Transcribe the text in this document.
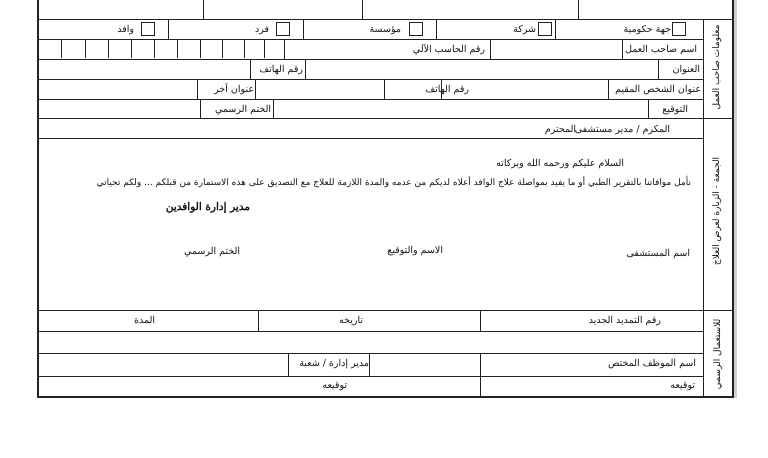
جهة حكومية
شركة
مؤسسة
فرد
وافد
اسم صاحب العمل
رقم الحاسب الآلي
العنوان
رقم الهاتف
عنوان الشخص المقيم
رقم الهاتف
عنوان آخر
التوقيع
الختم الرسمي
المكرم / مدير مستشفى
المحترم
السلام عليكم ورحمه الله وبركاته
نأمل موافاتنا بالتقرير الطبي أو ما يفيد بمواصلة علاج الوافد أعلاه لديكم من عدمه والمدة اللازمة للعلاج مع التصديق على هذه الاستمارة من قبلكم ... ولكم تحياتي
مدير إدارة الوافدين
اسم المستشفى
الاسم والتوقيع
الختم الرسمي
رقم التمديد الجديد
تاريخه
المدة
اسم الموظف المختص
مدير إدارة / شعبة
توقيعه
توقيعه
معلومات صاحب العمل
الجمعة - الزيارة لعرض العلاج
للاستعمال الرسمي
